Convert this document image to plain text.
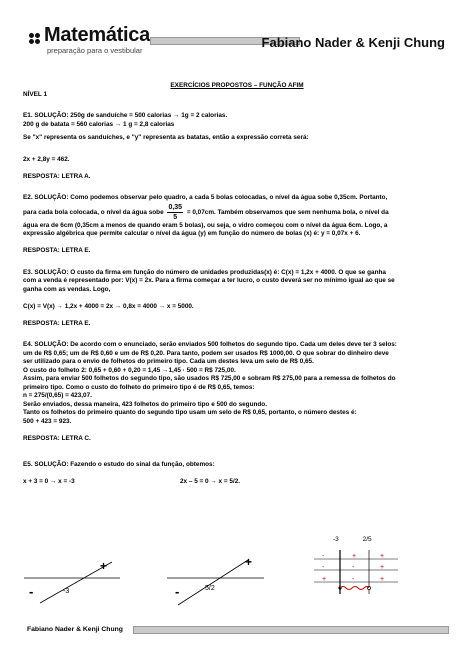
Matemática
preparação para o vestibular
Fabiano Nader & Kenji Chung

EXERCÍCIOS PROPOSTOS – FUNÇÃO AFIM

NÍVEL 1

E1. SOLUÇÃO: 250g de sanduíche = 500 calorias → 1g = 2 calorias.

200 g de batata = 560 calorias → 1 g = 2,8 calorias

Se "x" representa os sanduíches, e "y" representa as batatas, então a expressão correta será:

2x + 2,8y = 462.

RESPOSTA: LETRA A.

E2. SOLUÇÃO: Como podemos observar pelo quadro, a cada 5 bolas colocadas, o nível da água sobe 0,35cm. Portanto,

para cada bola colocada, o nível da água sobe $\frac{0,35}{5} = 0,07cm$. Também observamos que sem nenhuma bola, o nível da

água era de 6cm (0,35cm a menos de quando eram 5 bolas), ou seja, o vidro começou com o nível da água 6cm. Logo, a

expressão algébrica que permite calcular o nível da água (y) em função do número de bolas (x) é: y = 0,07x + 6.

RESPOSTA: LETRA E.

E3. SOLUÇÃO: O custo da firma em função do número de unidades produzidas(x) é: C(x) = 1,2x + 4000. O que se ganha

com a venda é representado por: V(x) = 2x. Para a firma começar a ter lucro, o custo deverá ser no mínimo igual ao que se

ganha com as vendas. Logo,

C(x) = V(x) → 1,2x + 4000 = 2x → 0,8x = 4000 → x = 5000.

RESPOSTA: LETRA E.

E4. SOLUÇÃO: De acordo com o enunciado, serão enviados 500 folhetos do segundo tipo. Cada um deles deve ter 3 selos:

um de R$ 0,65; um de R$ 0,60 e um de R$ 0,20. Para tanto, podem ser usados R$ 1000,00. O que sobrar do dinheiro deve

ser utilizado para o envio de folhetos do primeiro tipo. Cada um destes leva um selo de R$ 0,65.

O custo do folheto 2: 0,65 + 0,60 + 0,20 = 1,45 →1,45 · 500 = R$ 725,00.

Assim, para enviar 500 folhetos do segundo tipo, são usados R$ 725,00 e sobram R$ 275,00 para a remessa de folhetos do

primeiro tipo. Como o custo do folheto do primeiro tipo é de R$ 0,65, temos:

n = 275/(0,65) = 423,07.

Serão enviados, dessa maneira, 423 folhetos do primeiro tipo e 500 do segundo.

Tanto os folhetos do primeiro quanto do segundo tipo usam um selo de R$ 0,65, portanto, o número destes é:

500 + 423 = 923.

RESPOSTA: LETRA C.

E5. SOLUÇÃO: Fazendo o estudo do sinal da função, obtemos:

x + 3 = 0 → x = -3	2x – 5 = 0 → x = 5/2.
+
-	-3
+
-	5/2
-	+	+
-	-	+
+	-	+
-3	2/5
Fabiano Nader & Kenji Chung
